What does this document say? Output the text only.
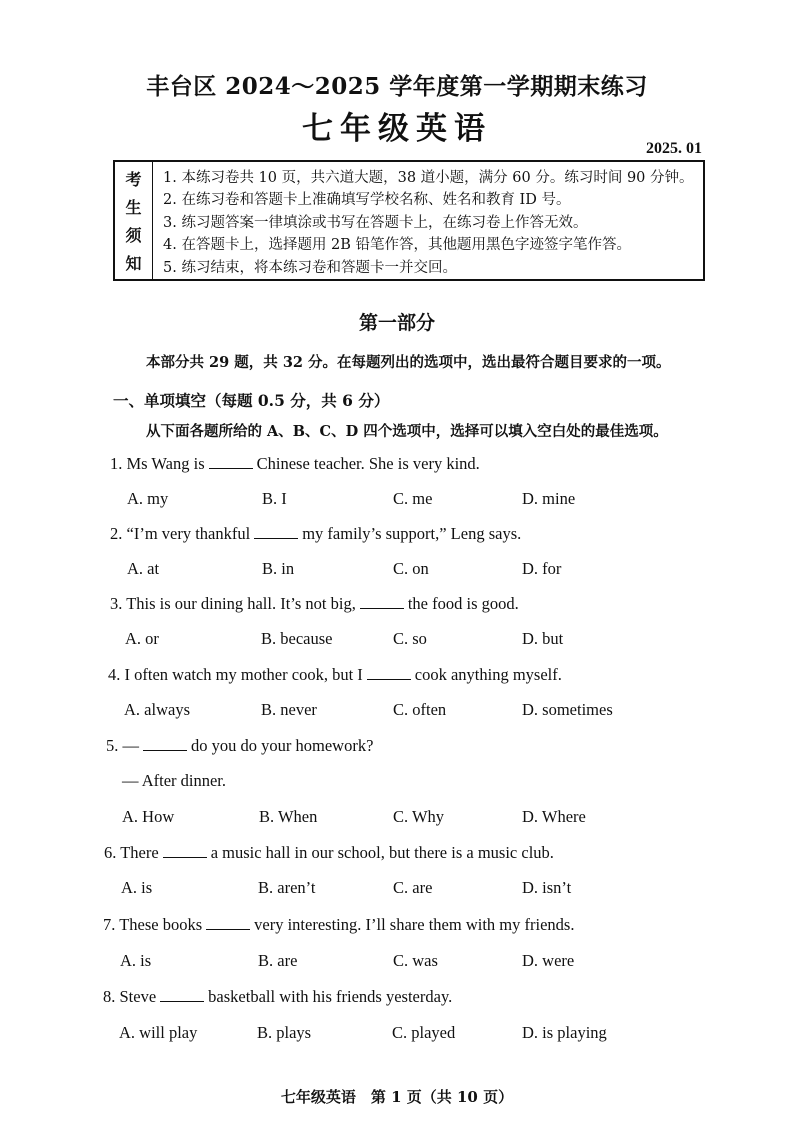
丰台区 2024～2025 学年度第一学期期末练习
七年级英语
2025. 01
考
生
须
知
1. 本练习卷共 10 页，共六道大题，38 道小题，满分 60 分。练习时间 90 分钟。
2. 在练习卷和答题卡上准确填写学校名称、姓名和教育 ID 号。
3. 练习题答案一律填涂或书写在答题卡上，在练习卷上作答无效。
4. 在答题卡上，选择题用 2B 铅笔作答，其他题用黑色字迹签字笔作答。
5. 练习结束，将本练习卷和答题卡一并交回。
第一部分
本部分共 29 题，共 32 分。在每题列出的选项中，选出最符合题目要求的一项。
一、单项填空（每题 0.5 分，共 6 分）
从下面各题所给的 A、B、C、D 四个选项中，选择可以填入空白处的最佳选项。
1. Ms Wang is	Chinese teacher. She is very kind.
A. my	B. I	C. me	D. mine
2. “I’m very thankful	my family’s support,” Leng says.
A. at	B. in	C. on	D. for
3. This is our dining hall. It’s not big,	the food is good.
A. or	B. because	C. so	D. but
4. I often watch my mother cook, but I	cook anything myself.
A. always	B. never	C. often	D. sometimes
5. —	do you do your homework?
— After dinner.
A. How	B. When	C. Why	D. Where
6. There	a music hall in our school, but there is a music club.
A. is	B. aren’t	C. are	D. isn’t
7. These books	very interesting. I’ll share them with my friends.
A. is	B. are	C. was	D. were
8. Steve	basketball with his friends yesterday.
A. will play	B. plays	C. played	D. is playing
七年级英语　第 1 页（共 10 页）
